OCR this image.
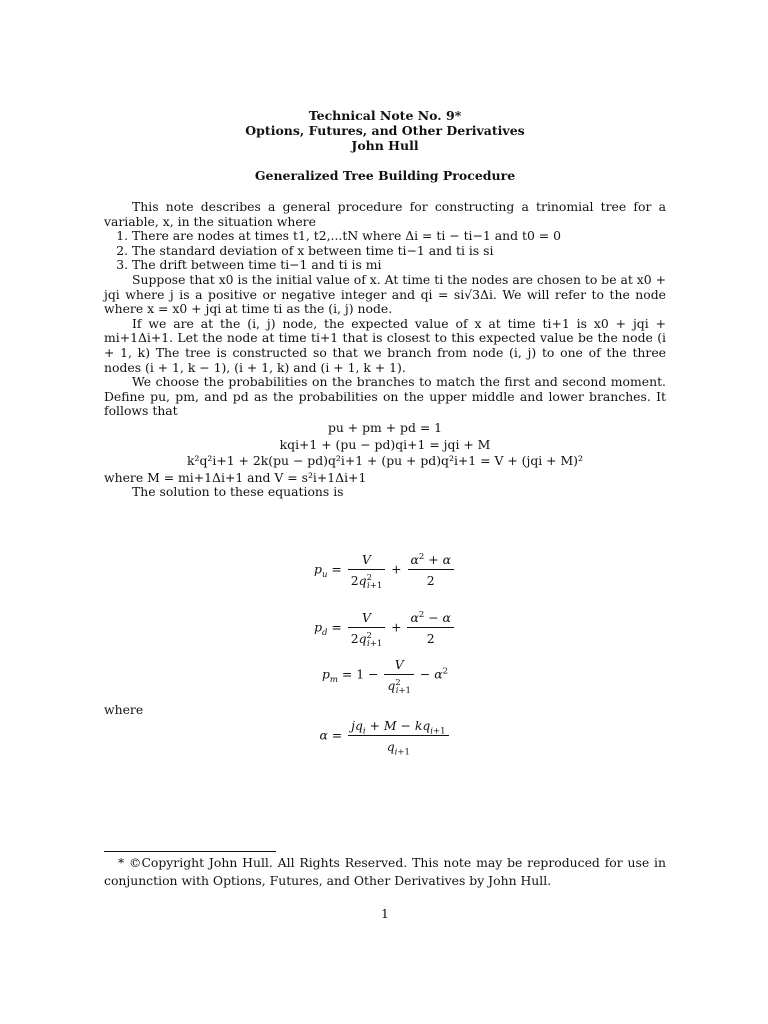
Technical Note No. 9*
Options, Futures, and Other Derivatives
John Hull
Generalized Tree Building Procedure

This note describes a general procedure for constructing a trinomial tree for a variable, x, in the situation where

1. There are nodes at times t1, t2,...tN where Δi = ti − ti−1 and t0 = 0
2. The standard deviation of x between time ti−1 and ti is si
3. The drift between time ti−1 and ti is mi

Suppose that x0 is the initial value of x. At time ti the nodes are chosen to be at x0 + jqi where j is a positive or negative integer and qi = si√3Δi. We will refer to the node where x = x0 + jqi at time ti as the (i, j) node.

If we are at the (i, j) node, the expected value of x at time ti+1 is x0 + jqi + mi+1Δi+1. Let the node at time ti+1 that is closest to this expected value be the node (i + 1, k) The tree is constructed so that we branch from node (i, j) to one of the three nodes (i + 1, k − 1), (i + 1, k) and (i + 1, k + 1).

We choose the probabilities on the branches to match the first and second moment. Define pu, pm, and pd as the probabilities on the upper middle and lower branches. It follows that

pu + pm + pd = 1
kqi+1 + (pu − pd)qi+1 = jqi + M
k²q²i+1 + 2k(pu − pd)q²i+1 + (pu + pd)q²i+1 = V + (jqi + M)²

where M = mi+1Δi+1 and V = s²i+1Δi+1

The solution to these equations is

$p_u = \frac{V}{2q^2_{i+1}} + \frac{\alpha^2 + \alpha}{2}$
$p_d = \frac{V}{2q^2_{i+1}} + \frac{\alpha^2 - \alpha}{2}$
$p_m = 1 - \frac{V}{q^2_{i+1}} - \alpha^2$
where
$\alpha = \frac{jq_i + M - kq_{i+1}}{q_{i+1}}$
* ©Copyright John Hull. All Rights Reserved. This note may be reproduced for use in conjunction with Options, Futures, and Other Derivatives by John Hull.
1
